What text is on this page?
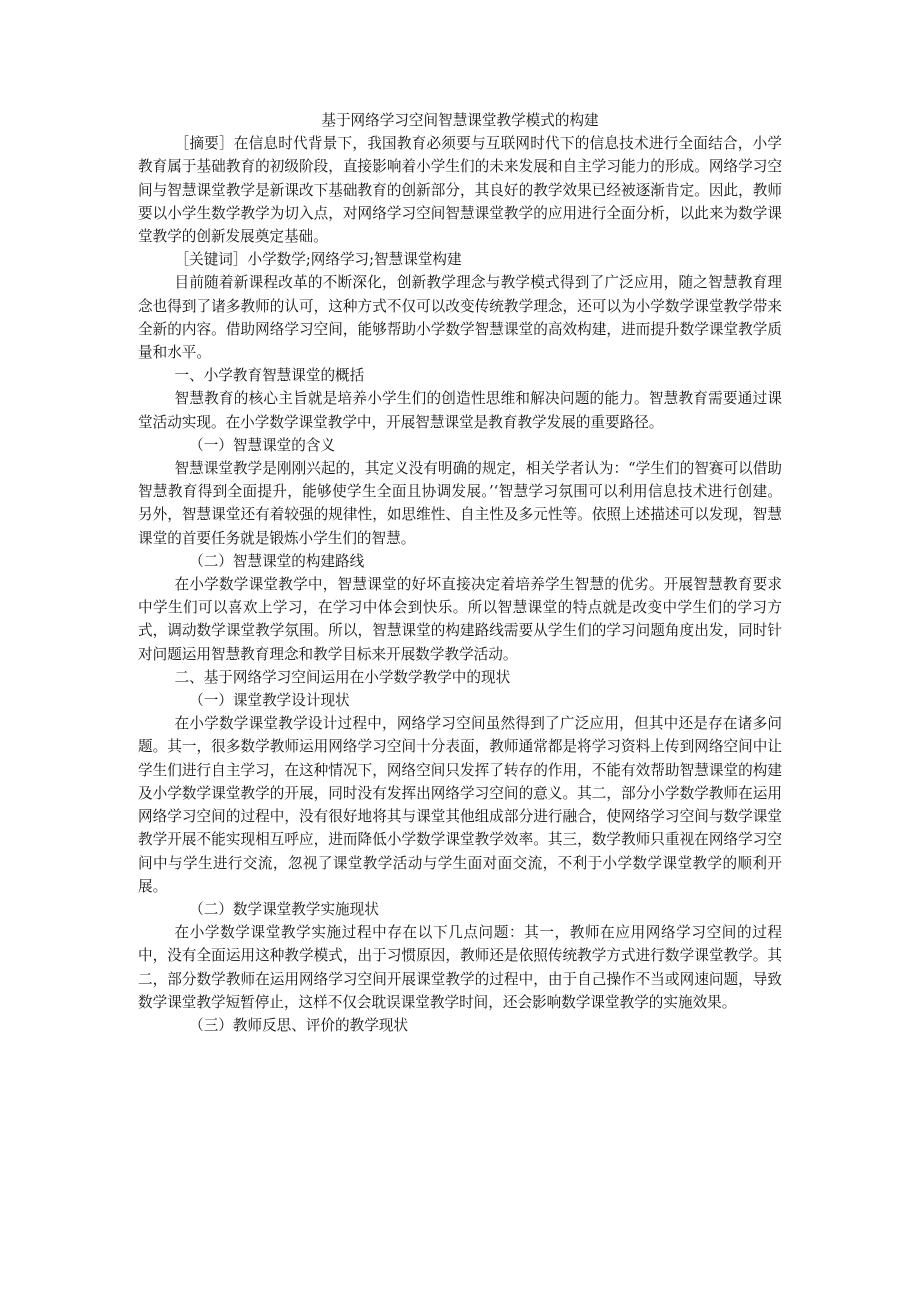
基于网络学习空间智慧课堂教学模式的构建

［摘要］在信息时代背景下，我国教育必须要与互联网时代下的信息技术进行全面结合，小学教育属于基础教育的初级阶段，直接影响着小学生们的未来发展和自主学习能力的形成。网络学习空间与智慧课堂教学是新课改下基础教育的创新部分，其良好的教学效果已经被逐渐肯定。因此，教师要以小学生数学教学为切入点，对网络学习空间智慧课堂教学的应用进行全面分析，以此来为数学课堂教学的创新发展奠定基础。

［关键词］小学数学;网络学习;智慧课堂构建

目前随着新课程改革的不断深化，创新教学理念与教学模式得到了广泛应用，随之智慧教育理念也得到了诸多教师的认可，这种方式不仅可以改变传统教学理念，还可以为小学数学课堂教学带来全新的内容。借助网络学习空间，能够帮助小学数学智慧课堂的高效构建，进而提升数学课堂教学质量和水平。

一、小学教育智慧课堂的概括

智慧教育的核心主旨就是培养小学生们的创造性思维和解决问题的能力。智慧教育需要通过课堂活动实现。在小学数学课堂教学中，开展智慧课堂是教育教学发展的重要路径。

（一）智慧课堂的含义

智慧课堂教学是刚刚兴起的，其定义没有明确的规定，相关学者认为：“学生们的智赛可以借助智慧教育得到全面提升，能够使学生全面且协调发展。’‘智慧学习氛围可以利用信息技术进行创建。另外，智慧课堂还有着较强的规律性，如思维性、自主性及多元性等。依照上述描述可以发现，智慧课堂的首要任务就是锻炼小学生们的智慧。

（二）智慧课堂的构建路线

在小学数学课堂教学中，智慧课堂的好坏直接决定着培养学生智慧的优劣。开展智慧教育要求中学生们可以喜欢上学习，在学习中体会到快乐。所以智慧课堂的特点就是改变中学生们的学习方式，调动数学课堂教学氛围。所以，智慧课堂的构建路线需要从学生们的学习问题角度出发，同时针对问题运用智慧教育理念和教学目标来开展数学教学活动。

二、基于网络学习空间运用在小学数学教学中的现状
（一）课堂教学设计现状

在小学数学课堂教学设计过程中，网络学习空间虽然得到了广泛应用，但其中还是存在诸多问题。其一，很多数学教师运用网络学习空间十分表面，教师通常都是将学习资料上传到网络空间中让学生们进行自主学习，在这种情况下，网络空间只发挥了转存的作用，不能有效帮助智慧课堂的构建及小学数学课堂教学的开展，同时没有发挥出网络学习空间的意义。其二，部分小学数学教师在运用网络学习空间的过程中，没有很好地将其与课堂其他组成部分进行融合，使网络学习空间与数学课堂教学开展不能实现相互呼应，进而降低小学数学课堂教学效率。其三，数学教师只重视在网络学习空间中与学生进行交流，忽视了课堂教学活动与学生面对面交流，不利于小学数学课堂教学的顺利开展。

（二）数学课堂教学实施现状

在小学数学课堂教学实施过程中存在以下几点问题：其一，教师在应用网络学习空间的过程中，没有全面运用这种教学模式，出于习惯原因，教师还是依照传统教学方式进行数学课堂教学。其二，部分数学教师在运用网络学习空间开展课堂教学的过程中，由于自己操作不当或网速问题，导致数学课堂教学短暂停止，这样不仅会耽误课堂教学时间，还会影响数学课堂教学的实施效果。

（三）教师反思、评价的教学现状
